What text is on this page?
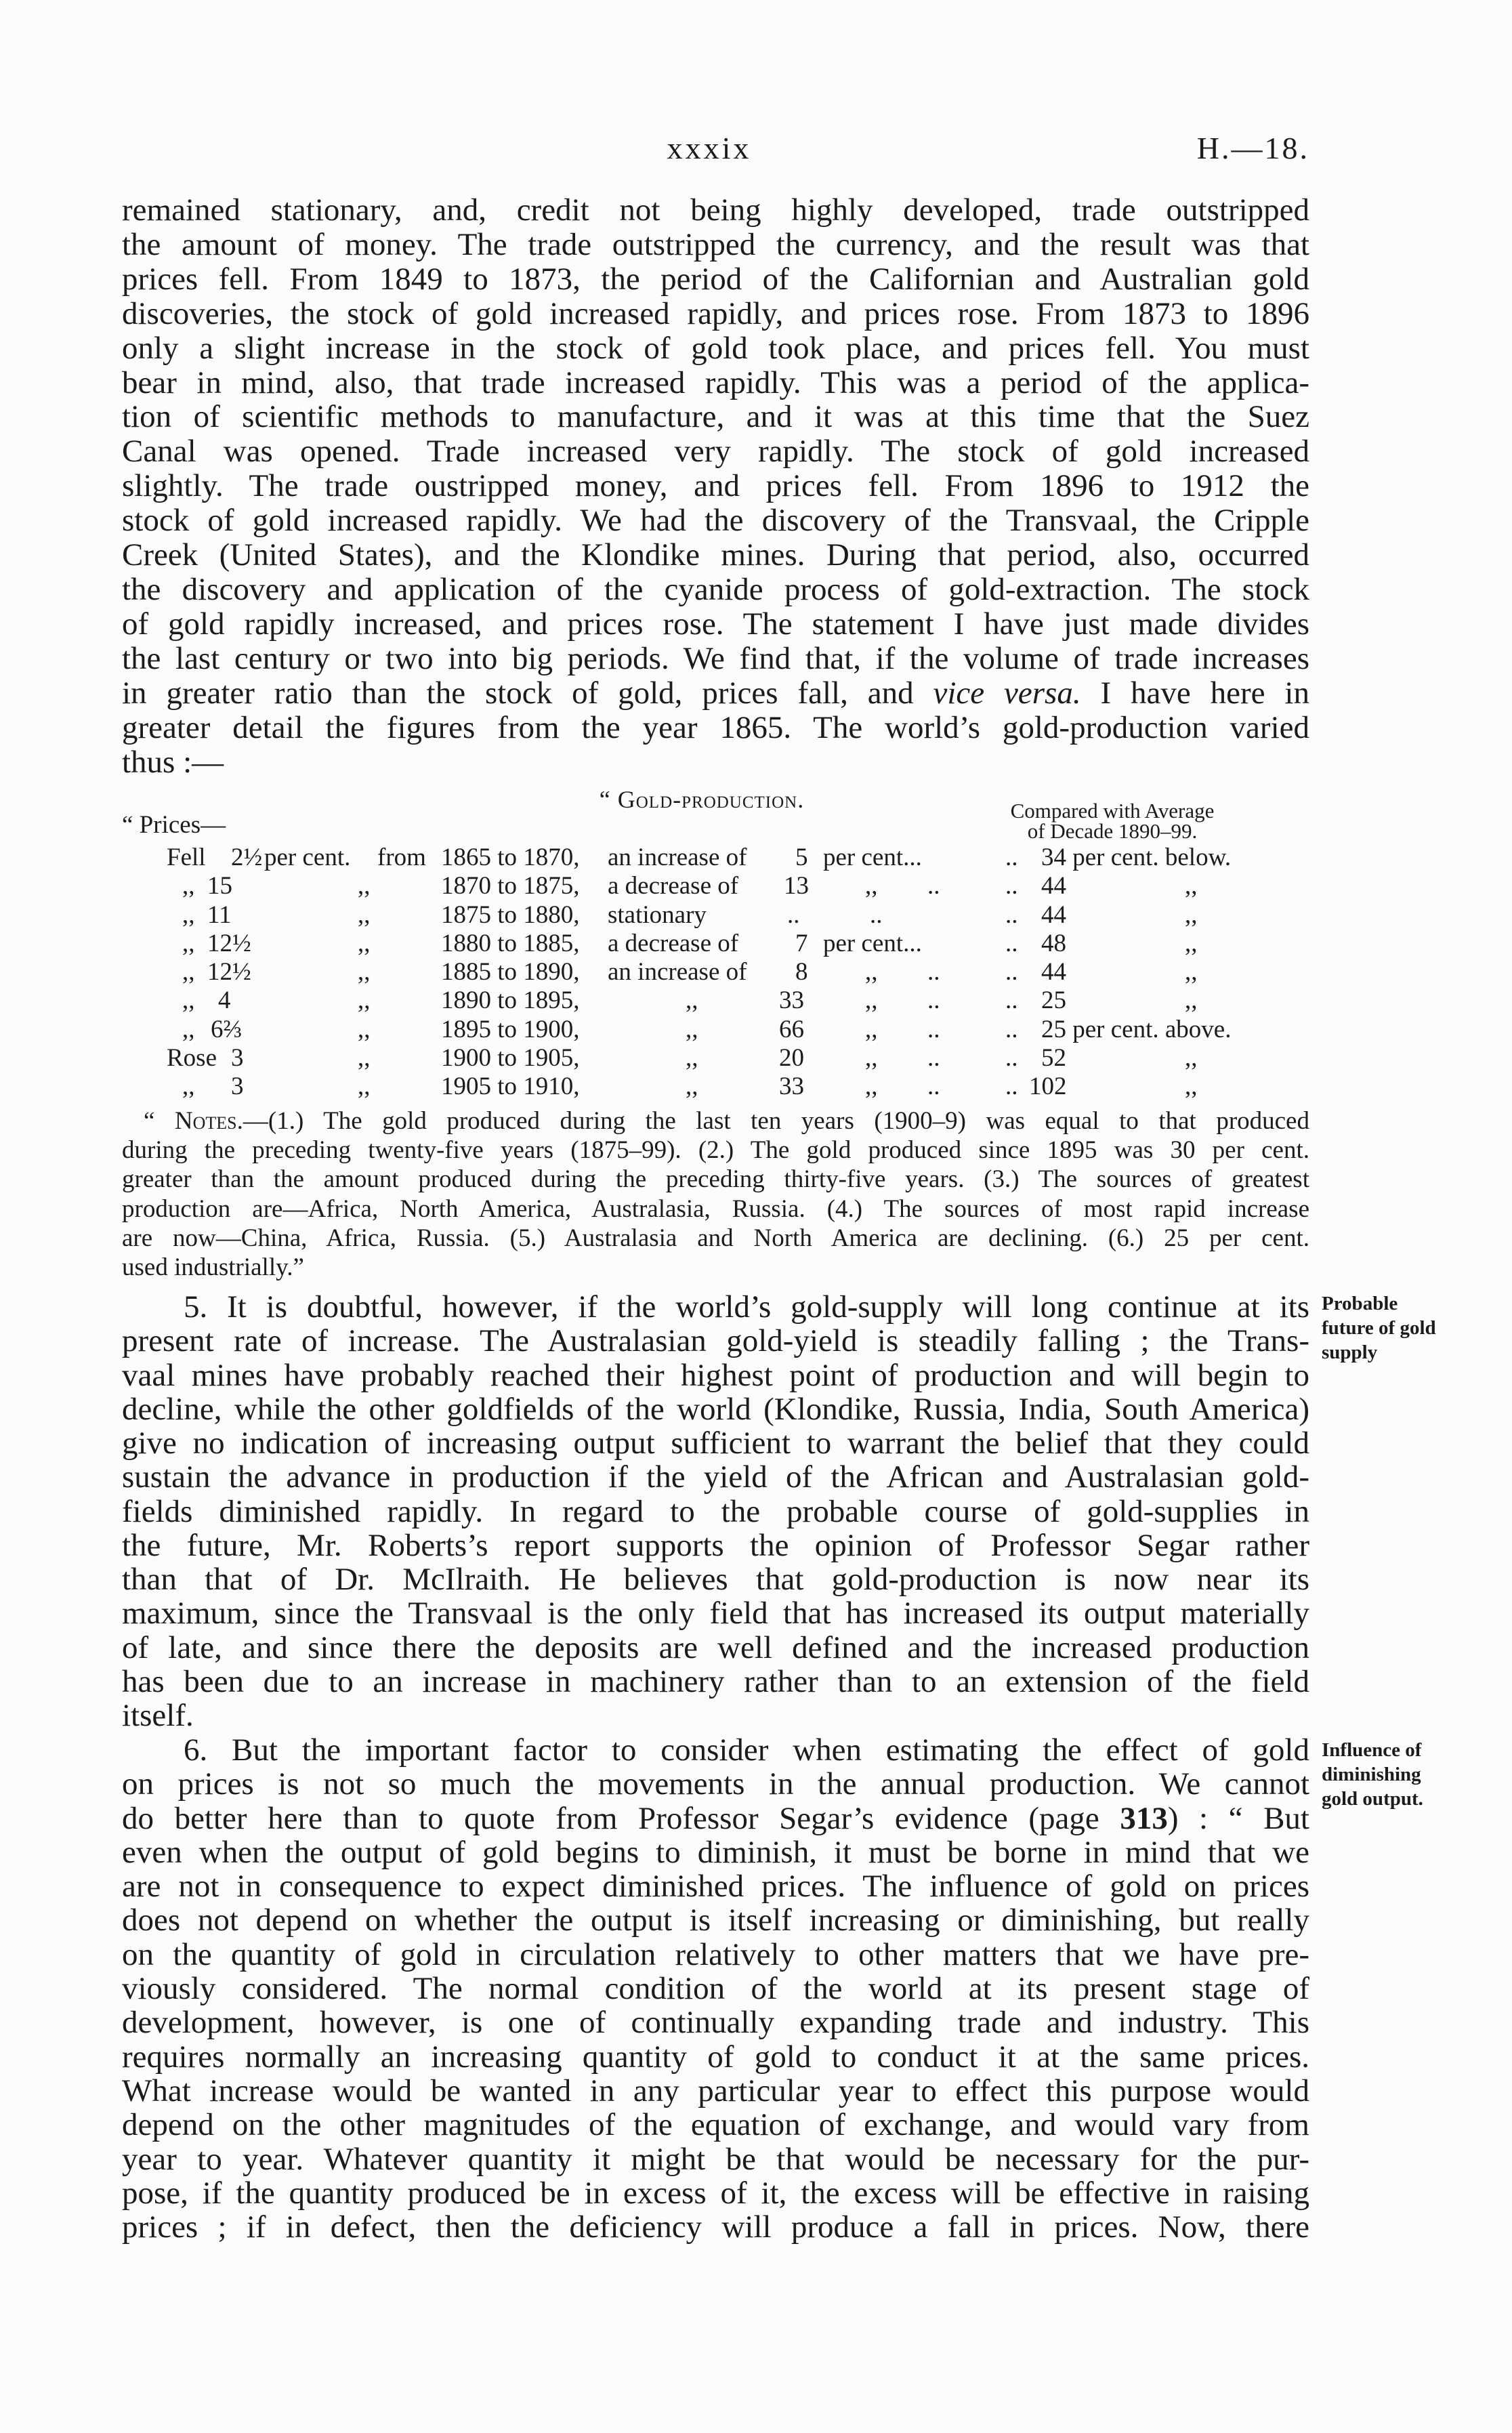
xxxix	H.—18.
remained stationary, and, credit not being highly developed, trade outstripped
the amount of money. The trade outstripped the currency, and the result was that
prices fell. From 1849 to 1873, the period of the Californian and Australian gold
discoveries, the stock of gold increased rapidly, and prices rose. From 1873 to 1896
only a slight increase in the stock of gold took place, and prices fell. You must
bear in mind, also, that trade increased rapidly. This was a period of the applica-
tion of scientific methods to manufacture, and it was at this time that the Suez
Canal was opened. Trade increased very rapidly. The stock of gold increased
slightly. The trade oustripped money, and prices fell. From 1896 to 1912 the
stock of gold increased rapidly. We had the discovery of the Transvaal, the Cripple
Creek (United States), and the Klondike mines. During that period, also, occurred
the discovery and application of the cyanide process of gold-extraction. The stock
of gold rapidly increased, and prices rose. The statement I have just made divides
the last century or two into big periods. We find that, if the volume of trade increases
in greater ratio than the stock of gold, prices fall, and vice versa. I have here in
greater detail the figures from the year 1865. The world’s gold-production varied
thus :—
“ Gold-production.
“ Prices—
Compared with Average
of Decade 1890–99.
Fell 2½ per cent. from 1865 to 1870, an increase of 5 per cent...	.. 34 per cent. below.
,, 15	,,	1870 to 1875, a decrease of 13 ,, ..	.. 44	,,
,, 11	,,	1875 to 1880, stationary	..	..	.. 44	,,
,, 12½	,,	1880 to 1885, a decrease of 7 per cent...	.. 48	,,
,, 12½	,,	1885 to 1890, an increase of 8 ,, ..	.. 44	,,
,, 4	,,	1890 to 1895,	,,	33 ,, ..	.. 25	,,
,, 6⅔	,,	1895 to 1900,	,,	66 ,, ..	.. 25 per cent. above.
Rose 3	,,	1900 to 1905,	,,	20 ,, ..	.. 52	,,
,, 3	,,	1905 to 1910,	,,	33 ,, ..	.. 102	,,
“ Notes.—(1.) The gold produced during the last ten years (1900–9) was equal to that produced
during the preceding twenty-five years (1875–99). (2.) The gold produced since 1895 was 30 per cent.
greater than the amount produced during the preceding thirty-five years. (3.) The sources of greatest
production are—Africa, North America, Australasia, Russia. (4.) The sources of most rapid increase
are now—China, Africa, Russia. (5.) Australasia and North America are declining. (6.) 25 per cent.
used industrially.”
5. It is doubtful, however, if the world’s gold-supply will long continue at its
present rate of increase. The Australasian gold-yield is steadily falling ; the Trans-
vaal mines have probably reached their highest point of production and will begin to
decline, while the other goldfields of the world (Klondike, Russia, India, South America)
give no indication of increasing output sufficient to warrant the belief that they could
sustain the advance in production if the yield of the African and Australasian gold-
fields diminished rapidly. In regard to the probable course of gold-supplies in
the future, Mr. Roberts’s report supports the opinion of Professor Segar rather
than that of Dr. McIlraith. He believes that gold-production is now near its
maximum, since the Transvaal is the only field that has increased its output materially
of late, and since there the deposits are well defined and the increased production
has been due to an increase in machinery rather than to an extension of the field
itself.
Probable
future of gold
supply
6. But the important factor to consider when estimating the effect of gold
on prices is not so much the movements in the annual production. We cannot
do better here than to quote from Professor Segar’s evidence (page 313) : “ But
even when the output of gold begins to diminish, it must be borne in mind that we
are not in consequence to expect diminished prices. The influence of gold on prices
does not depend on whether the output is itself increasing or diminishing, but really
on the quantity of gold in circulation relatively to other matters that we have pre-
viously considered. The normal condition of the world at its present stage of
development, however, is one of continually expanding trade and industry. This
requires normally an increasing quantity of gold to conduct it at the same prices.
What increase would be wanted in any particular year to effect this purpose would
depend on the other magnitudes of the equation of exchange, and would vary from
year to year. Whatever quantity it might be that would be necessary for the pur-
pose, if the quantity produced be in excess of it, the excess will be effective in raising
prices ; if in defect, then the deficiency will produce a fall in prices. Now, there
Influence of
diminishing
gold output.
